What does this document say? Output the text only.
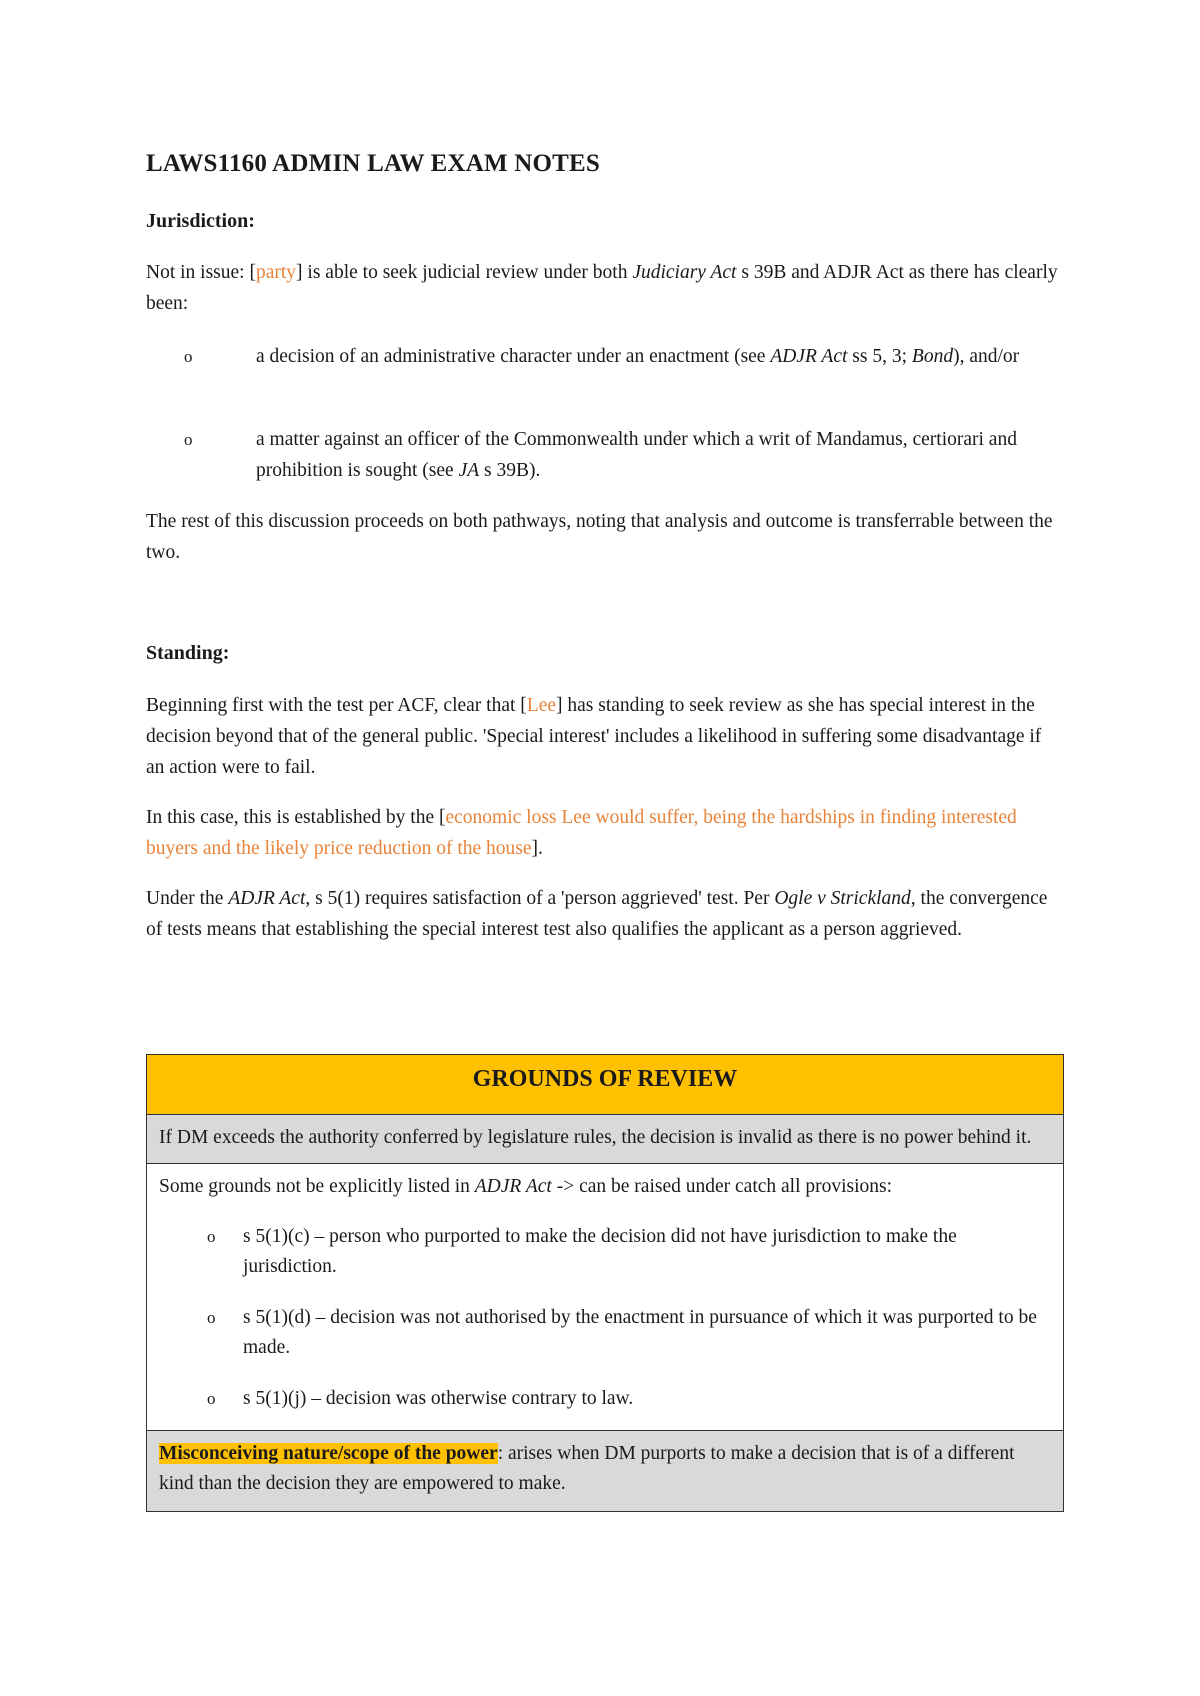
LAWS1160 ADMIN LAW EXAM NOTES
Jurisdiction:
Not in issue: [party] is able to seek judicial review under both Judiciary Act s 39B and ADJR Act as there has clearly been:
o	a decision of an administrative character under an enactment (see ADJR Act ss 5, 3; Bond), and/or
o	a matter against an officer of the Commonwealth under which a writ of Mandamus, certiorari and prohibition is sought (see JA s 39B).
The rest of this discussion proceeds on both pathways, noting that analysis and outcome is transferrable between the two.
Standing:
Beginning first with the test per ACF, clear that [Lee] has standing to seek review as she has special interest in the decision beyond that of the general public. 'Special interest' includes a likelihood in suffering some disadvantage if an action were to fail.
In this case, this is established by the [economic loss Lee would suffer, being the hardships in finding interested buyers and the likely price reduction of the house].
Under the ADJR Act, s 5(1) requires satisfaction of a 'person aggrieved' test. Per Ogle v Strickland, the convergence of tests means that establishing the special interest test also qualifies the applicant as a person aggrieved.
GROUNDS OF REVIEW
If DM exceeds the authority conferred by legislature rules, the decision is invalid as there is no power behind it.
Some grounds not be explicitly listed in ADJR Act -> can be raised under catch all provisions:
o s 5(1)(c) – person who purported to make the decision did not have jurisdiction to make the jurisdiction.
o s 5(1)(d) – decision was not authorised by the enactment in pursuance of which it was purported to be made.
o s 5(1)(j) – decision was otherwise contrary to law.
Misconceiving nature/scope of the power: arises when DM purports to make a decision that is of a different kind than the decision they are empowered to make.
